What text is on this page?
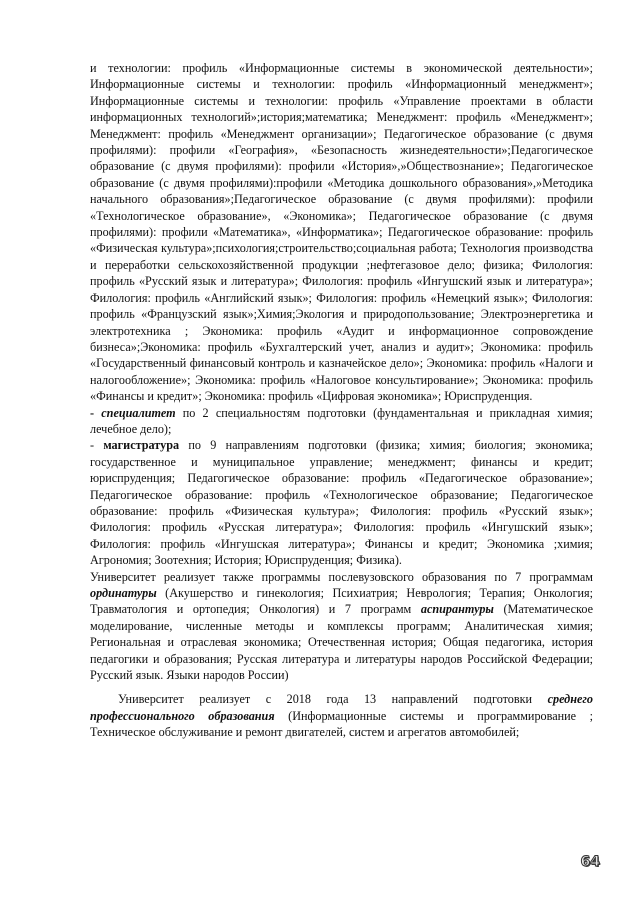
и технологии: профиль «Информационные системы в экономической деятельности»; Информационные системы и технологии: профиль «Информационный менеджмент»; Информационные системы и технологии: профиль «Управление проектами в области информационных технологий»;история;математика; Менеджмент: профиль «Менеджмент»; Менеджмент: профиль «Менеджмент организации»; Педагогическое образование (с двумя профилями): профили «География», «Безопасность жизнедеятельности»;Педагогическое образование (с двумя профилями): профили «История»,»Обществознание»; Педагогическое образование (с двумя профилями):профили «Методика дошкольного образования»,»Методика начального образования»;Педагогическое образование (с двумя профилями): профили «Технологическое образование», «Экономика»; Педагогическое образование (с двумя профилями): профили «Математика», «Информатика»; Педагогическое образование: профиль «Физическая культура»;психология;строительство;социальная работа; Технология производства и переработки сельскохозяйственной продукции ;нефтегазовое дело; физика; Филология: профиль «Русский язык и литература»; Филология: профиль «Ингушский язык и литература»; Филология: профиль «Английский язык»; Филология: профиль «Немецкий язык»; Филология: профиль «Французский язык»;Химия;Экология и природопользование; Электроэнергетика и электротехника ; Экономика: профиль «Аудит и информационное сопровождение бизнеса»;Экономика: профиль «Бухгалтерский учет, анализ и аудит»; Экономика: профиль «Государственный финансовый контроль и казначейское дело»; Экономика: профиль «Налоги и налогообложение»; Экономика: профиль «Налоговое консультирование»; Экономика: профиль «Финансы и кредит»; Экономика: профиль «Цифровая экономика»; Юриспруденция.

- специалитет по 2 специальностям подготовки (фундаментальная и прикладная химия; лечебное дело);

- магистратура по 9 направлениям подготовки (физика; химия; биология; экономика; государственное и муниципальное управление; менеджмент; финансы и кредит; юриспруденция; Педагогическое образование: профиль «Педагогическое образование»; Педагогическое образование: профиль «Технологическое образование; Педагогическое образование: профиль «Физическая культура»; Филология: профиль «Русский язык»; Филология: профиль «Русская литература»; Филология: профиль «Ингушский язык»; Филология: профиль «Ингушская литература»; Финансы и кредит; Экономика ;химия; Агрономия; Зоотехния; История; Юриспруденция; Физика).

Университет реализует также программы послевузовского образования по 7 программам ординатуры (Акушерство и гинекология; Психиатрия; Неврология; Терапия; Онкология; Травматология и ортопедия; Онкология) и 7 программ аспирантуры (Математическое моделирование, численные методы и комплексы программ; Аналитическая химия; Региональная и отраслевая экономика; Отечественная история; Общая педагогика, история педагогики и образования; Русская литература и литературы народов Российской Федерации; Русский язык. Языки народов России)

Университет реализует с 2018 года 13 направлений подготовки среднего профессионального образования (Информационные системы и программирование ; Техническое обслуживание и ремонт двигателей, систем и агрегатов автомобилей;

64
